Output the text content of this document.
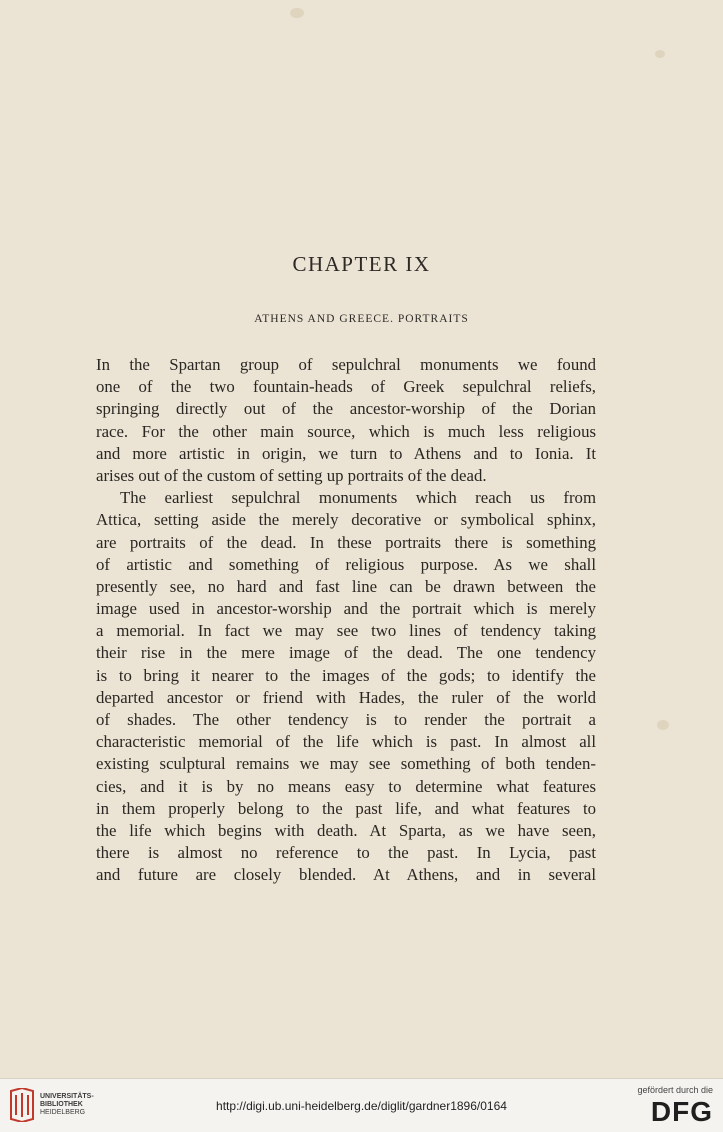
CHAPTER IX
ATHENS AND GREECE. PORTRAITS
In the Spartan group of sepulchral monuments we found
one of the two fountain-heads of Greek sepulchral reliefs,
springing directly out of the ancestor-worship of the Dorian
race. For the other main source, which is much less religious
and more artistic in origin, we turn to Athens and to Ionia. It
arises out of the custom of setting up portraits of the dead.
The earliest sepulchral monuments which reach us from
Attica, setting aside the merely decorative or symbolical sphinx,
are portraits of the dead. In these portraits there is something
of artistic and something of religious purpose. As we shall
presently see, no hard and fast line can be drawn between the
image used in ancestor-worship and the portrait which is merely
a memorial. In fact we may see two lines of tendency taking
their rise in the mere image of the dead. The one tendency
is to bring it nearer to the images of the gods; to identify the
departed ancestor or friend with Hades, the ruler of the world
of shades. The other tendency is to render the portrait a
characteristic memorial of the life which is past. In almost all
existing sculptural remains we may see something of both tenden-
cies, and it is by no means easy to determine what features
in them properly belong to the past life, and what features to
the life which begins with death. At Sparta, as we have seen,
there is almost no reference to the past. In Lycia, past
and future are closely blended. At Athens, and in several
UNIVERSITÄTS-
BIBLIOTHEK
HEIDELBERG	http://digi.ub.uni-heidelberg.de/diglit/gardner1896/0164
gefördert durch die
DFG
